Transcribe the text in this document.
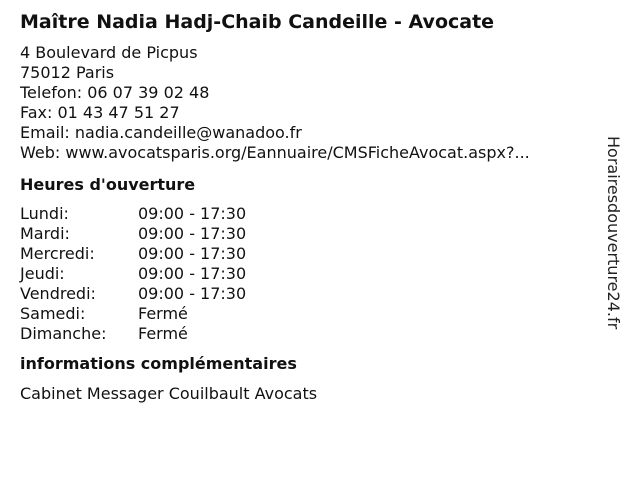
Maître Nadia Hadj-Chaib Candeille - Avocate
4 Boulevard de Picpus
75012 Paris
Telefon: 06 07 39 02 48
Fax: 01 43 47 51 27
Email: nadia.candeille@wanadoo.fr
Web: www.avocatsparis.org/Eannuaire/CMSFicheAvocat.aspx?...
Heures d'ouverture
Lundi:	09:00 - 17:30
Mardi:	09:00 - 17:30
Mercredi:	09:00 - 17:30
Jeudi:	09:00 - 17:30
Vendredi:	09:00 - 17:30
Samedi:	Fermé
Dimanche:	Fermé
informations complémentaires
Cabinet Messager Couilbault Avocats
Horairesdouverture24.fr
